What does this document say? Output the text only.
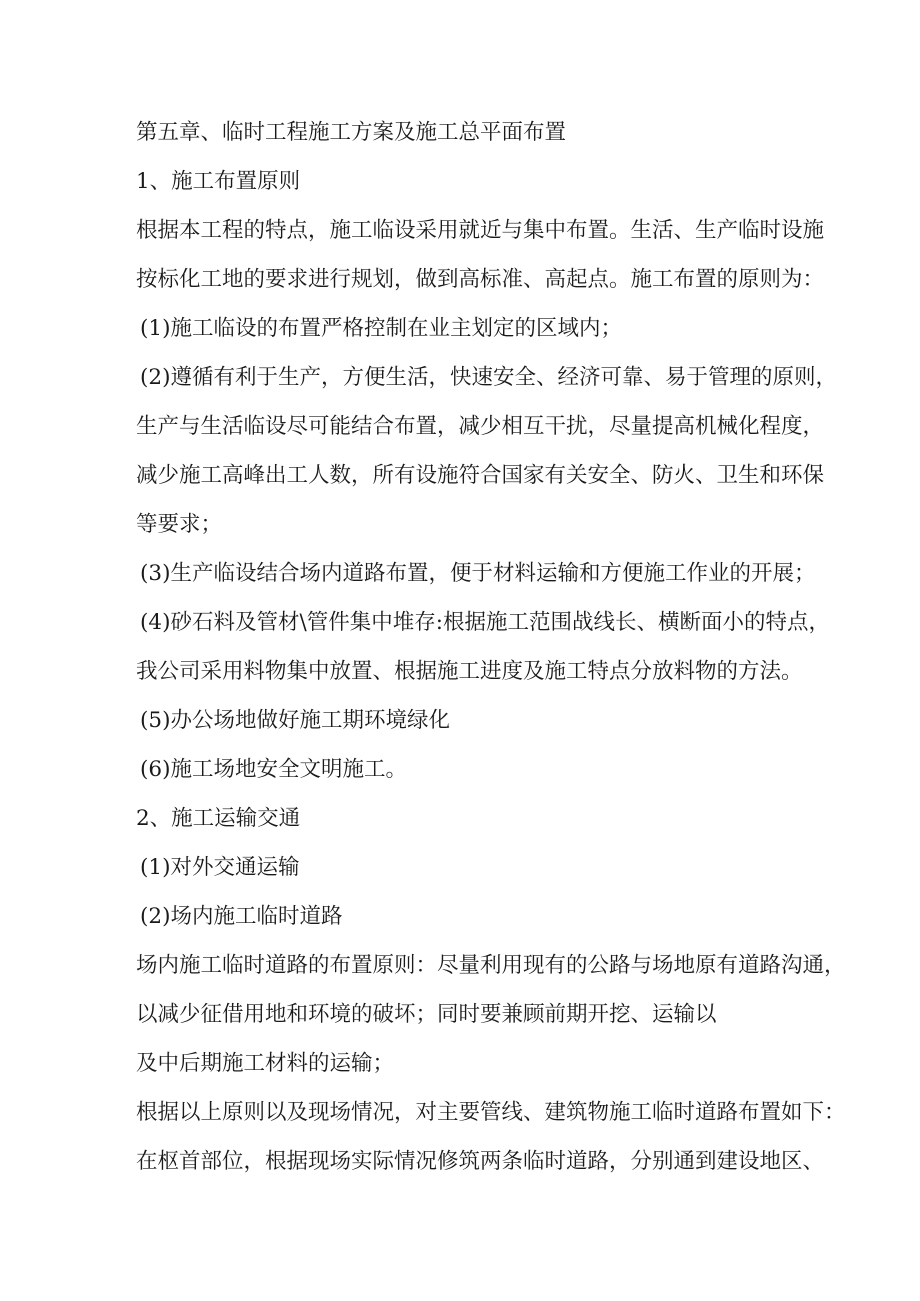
第五章、临时工程施工方案及施工总平面布置

1、施工布置原则

根据本工程的特点，施工临设采用就近与集中布置。生活、生产临时设施

按标化工地的要求进行规划，做到高标准、高起点。施工布置的原则为：

(1)施工临设的布置严格控制在业主划定的区域内；

(2)遵循有利于生产，方便生活，快速安全、经济可靠、易于管理的原则，

生产与生活临设尽可能结合布置，减少相互干扰，尽量提高机械化程度，

减少施工高峰出工人数，所有设施符合国家有关安全、防火、卫生和环保

等要求；

(3)生产临设结合场内道路布置，便于材料运输和方便施工作业的开展；

(4)砂石料及管材\管件集中堆存:根据施工范围战线长、横断面小的特点，

我公司采用料物集中放置、根据施工进度及施工特点分放料物的方法。

(5)办公场地做好施工期环境绿化

(6)施工场地安全文明施工。

2、施工运输交通

(1)对外交通运输

(2)场内施工临时道路

场内施工临时道路的布置原则：尽量利用现有的公路与场地原有道路沟通，

以减少征借用地和环境的破坏；同时要兼顾前期开挖、运输以

及中后期施工材料的运输；

根据以上原则以及现场情况，对主要管线、建筑物施工临时道路布置如下：

在枢首部位，根据现场实际情况修筑两条临时道路，分别通到建设地区、
